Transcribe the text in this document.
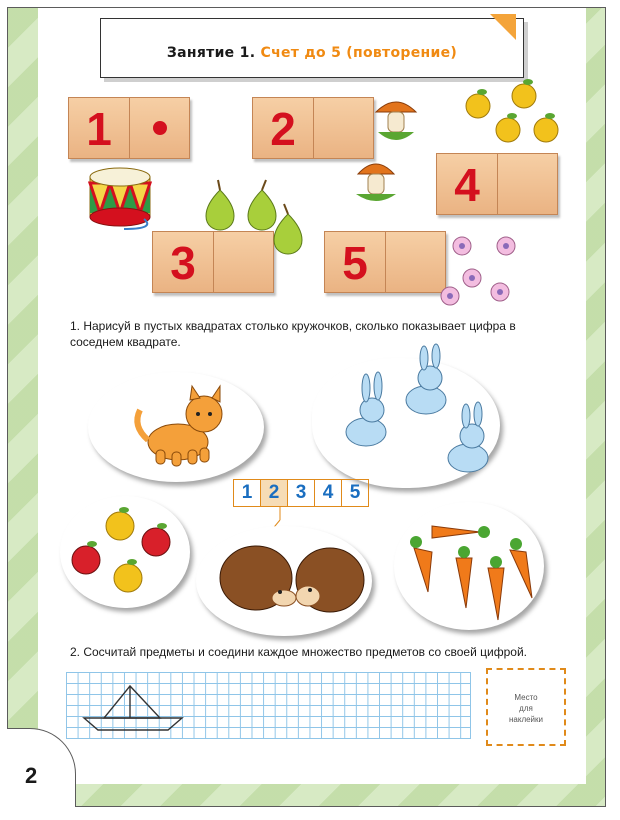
Занятие 1. Счет до 5 (повторение)
1	2
4
3	5
1. Нарисуй в пустых квадратах столько кружочков, сколько показывает цифра в соседнем квадрате.
1 2 3 4 5
2. Сосчитай предметы и соедини каждое множество предметов со своей цифрой.
Место
для
наклейки
2
